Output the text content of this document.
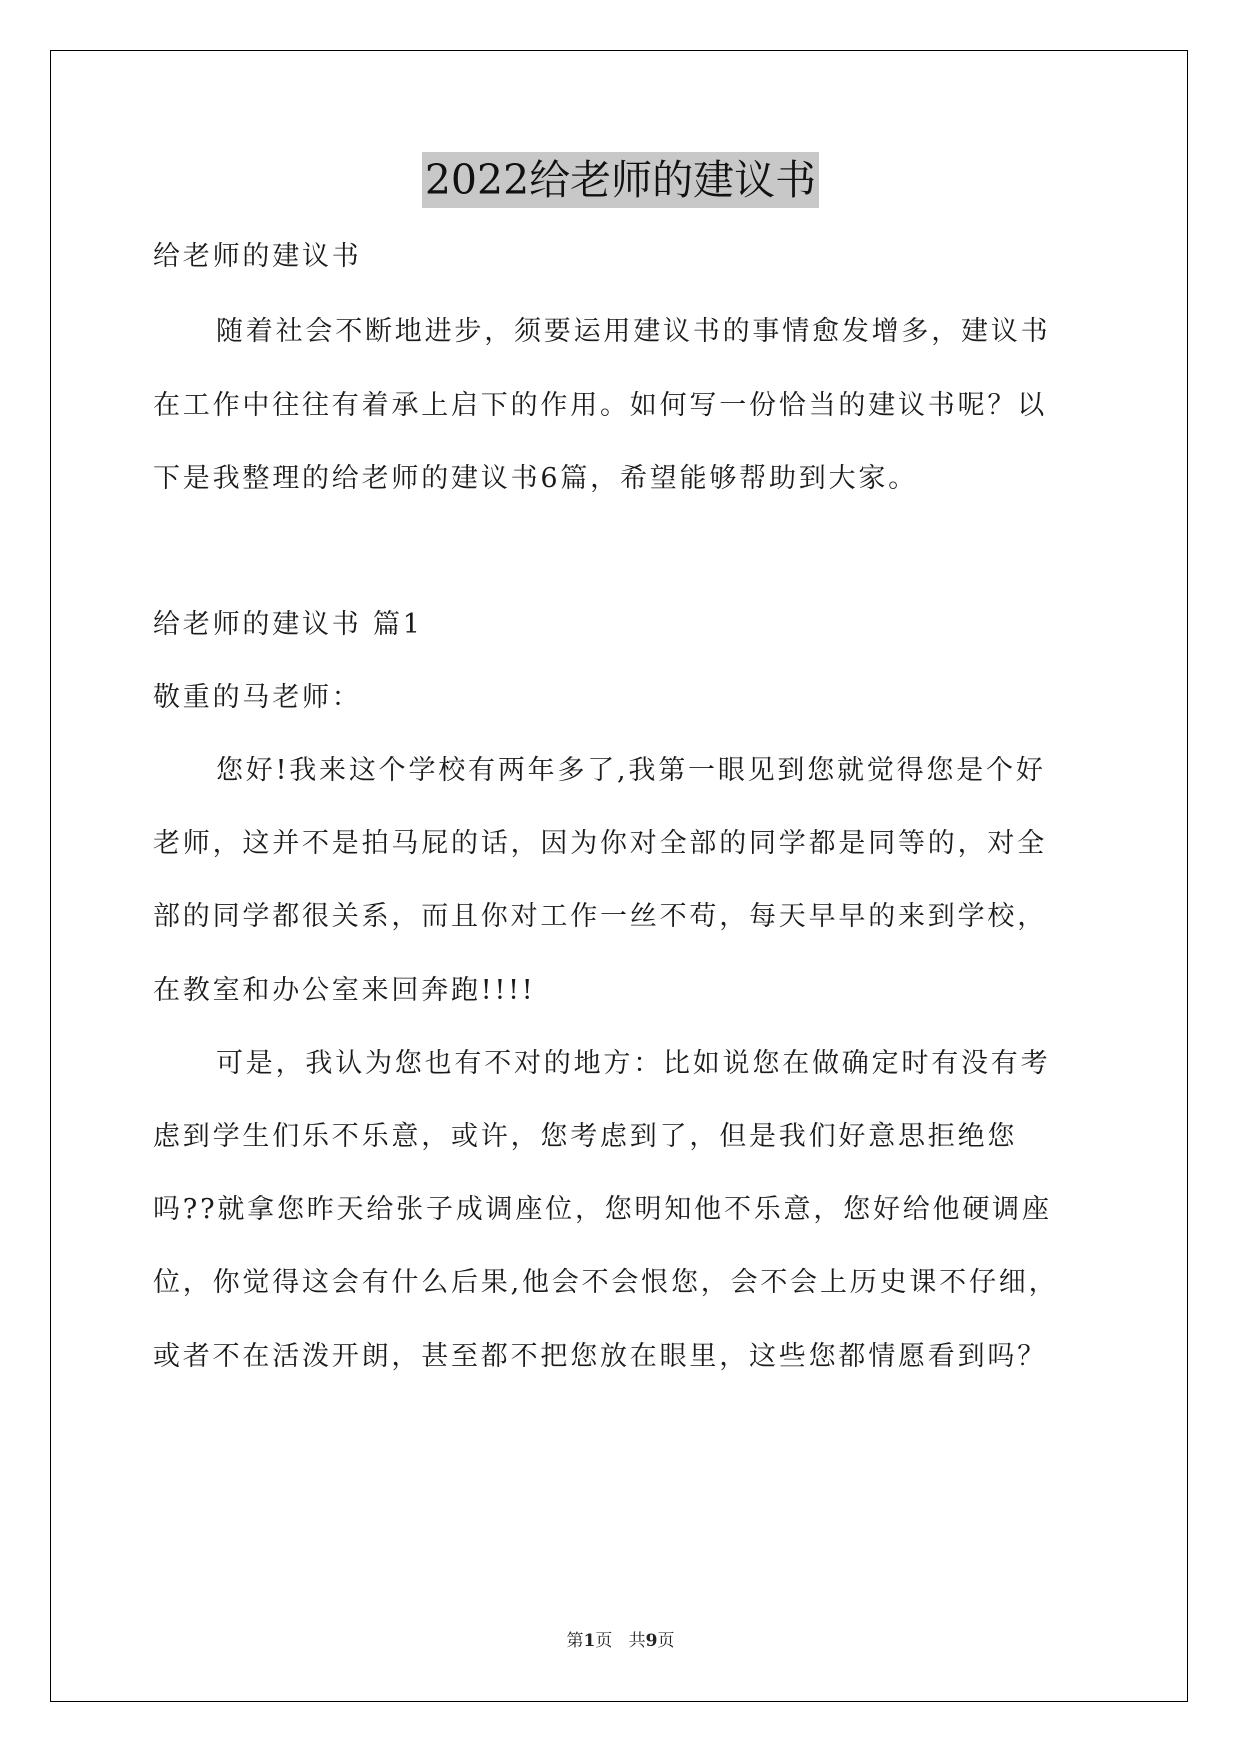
2022给老师的建议书
给老师的建议书
随着社会不断地进步，须要运用建议书的事情愈发增多，建议书
在工作中往往有着承上启下的作用。如何写一份恰当的建议书呢？以
下是我整理的给老师的建议书6篇，希望能够帮助到大家。
给老师的建议书 篇1
敬重的马老师：
您好!我来这个学校有两年多了,我第一眼见到您就觉得您是个好
老师，这并不是拍马屁的话，因为你对全部的同学都是同等的，对全
部的同学都很关系，而且你对工作一丝不苟，每天早早的来到学校，
在教室和办公室来回奔跑!!!!
可是，我认为您也有不对的地方：比如说您在做确定时有没有考
虑到学生们乐不乐意，或许，您考虑到了，但是我们好意思拒绝您
吗??就拿您昨天给张子成调座位，您明知他不乐意，您好给他硬调座
位，你觉得这会有什么后果,他会不会恨您，会不会上历史课不仔细，
或者不在活泼开朗，甚至都不把您放在眼里，这些您都情愿看到吗？
第1页   共9页
